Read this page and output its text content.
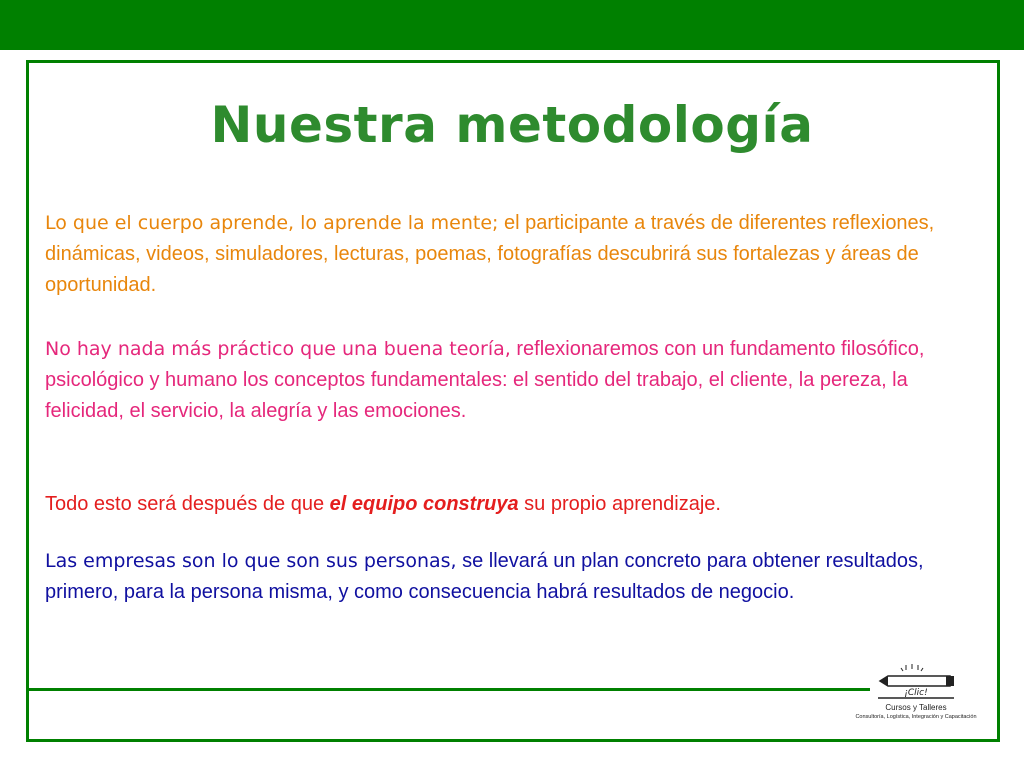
Nuestra metodología

Lo que el cuerpo aprende, lo aprende la mente; el participante a través de diferentes reflexiones, dinámicas, videos, simuladores, lecturas, poemas, fotografías descubrirá sus fortalezas y áreas de oportunidad.

No hay nada más práctico que una buena teoría, reflexionaremos con un fundamento filosófico, psicológico y humano los conceptos fundamentales: el sentido del trabajo, el cliente, la pereza, la felicidad, el servicio, la alegría y las emociones.

Todo esto será después de que el equipo construya su propio aprendizaje.

Las empresas son lo que son sus personas, se llevará un plan concreto para obtener resultados, primero, para la persona misma, y como consecuencia habrá resultados de negocio.

¡Clic!
Cursos y Talleres
Consultoría, Logística, Integración y Capacitación
